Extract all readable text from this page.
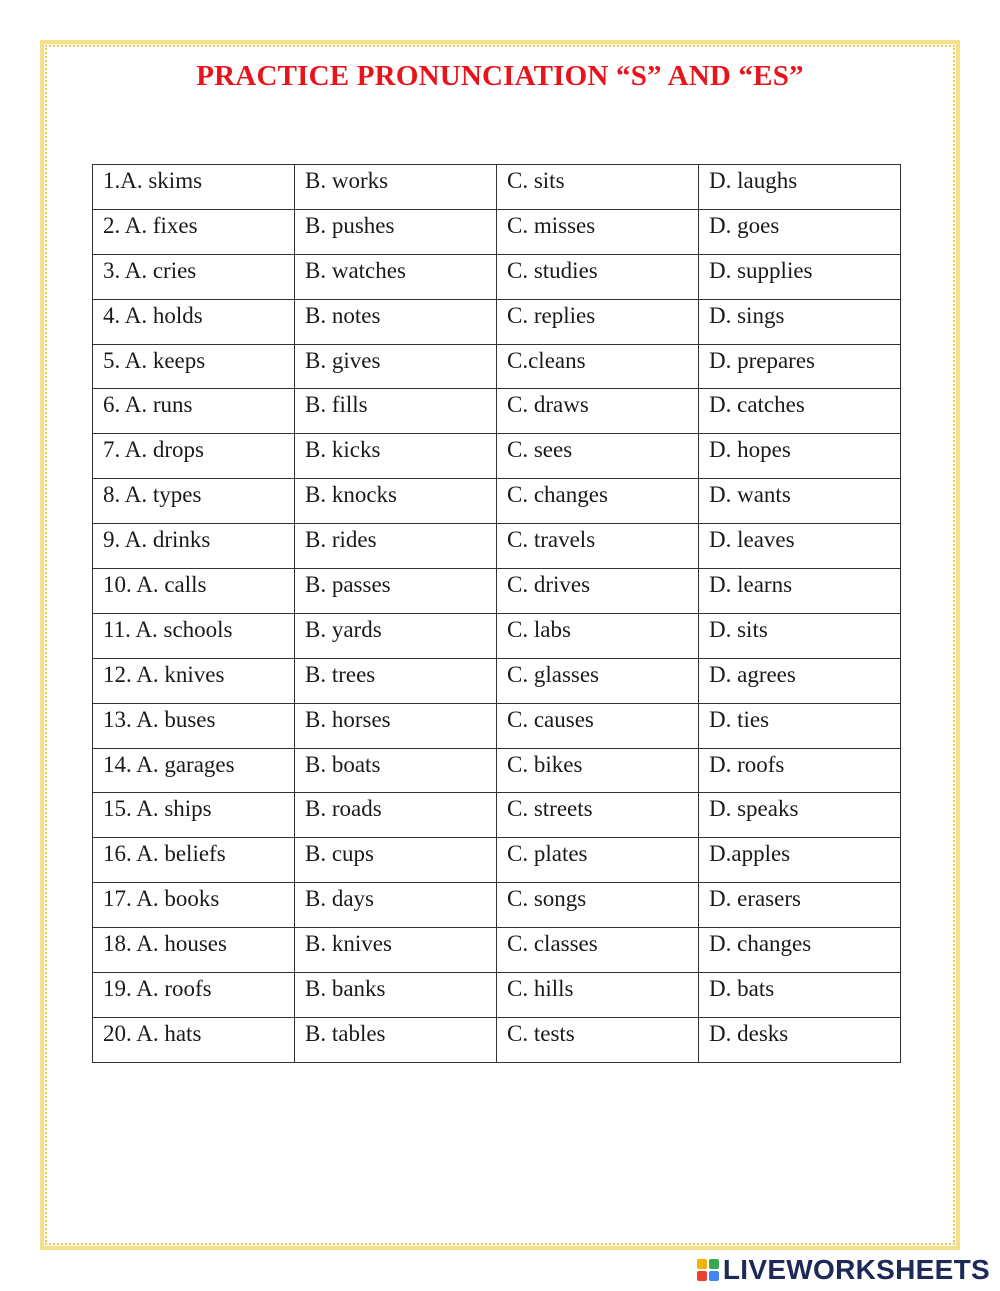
PRACTICE PRONUNCIATION “S” AND “ES”
1.A. skims	B. works	C. sits	D. laughs
2. A. fixes	B. pushes	C. misses	D. goes
3. A. cries	B. watches	C. studies	D. supplies
4. A. holds	B. notes	C. replies	D. sings
5. A. keeps	B. gives	C.cleans	D. prepares
6. A. runs	B. fills	C. draws	D. catches
7. A. drops	B. kicks	C. sees	D. hopes
8. A. types	B. knocks	C. changes	D. wants
9. A. drinks	B. rides	C. travels	D. leaves
10. A. calls	B. passes	C. drives	D. learns
11. A. schools	B. yards	C. labs	D. sits
12. A. knives	B. trees	C. glasses	D. agrees
13. A. buses	B. horses	C. causes	D. ties
14. A. garages	B. boats	C. bikes	D. roofs
15. A. ships	B. roads	C. streets	D. speaks
16. A. beliefs	B. cups	C. plates	D.apples
17. A. books	B. days	C. songs	D. erasers
18. A. houses	B. knives	C. classes	D. changes
19. A. roofs	B. banks	C. hills	D. bats
20. A. hats	B. tables	C. tests	D. desks
LIVEWORKSHEETS
